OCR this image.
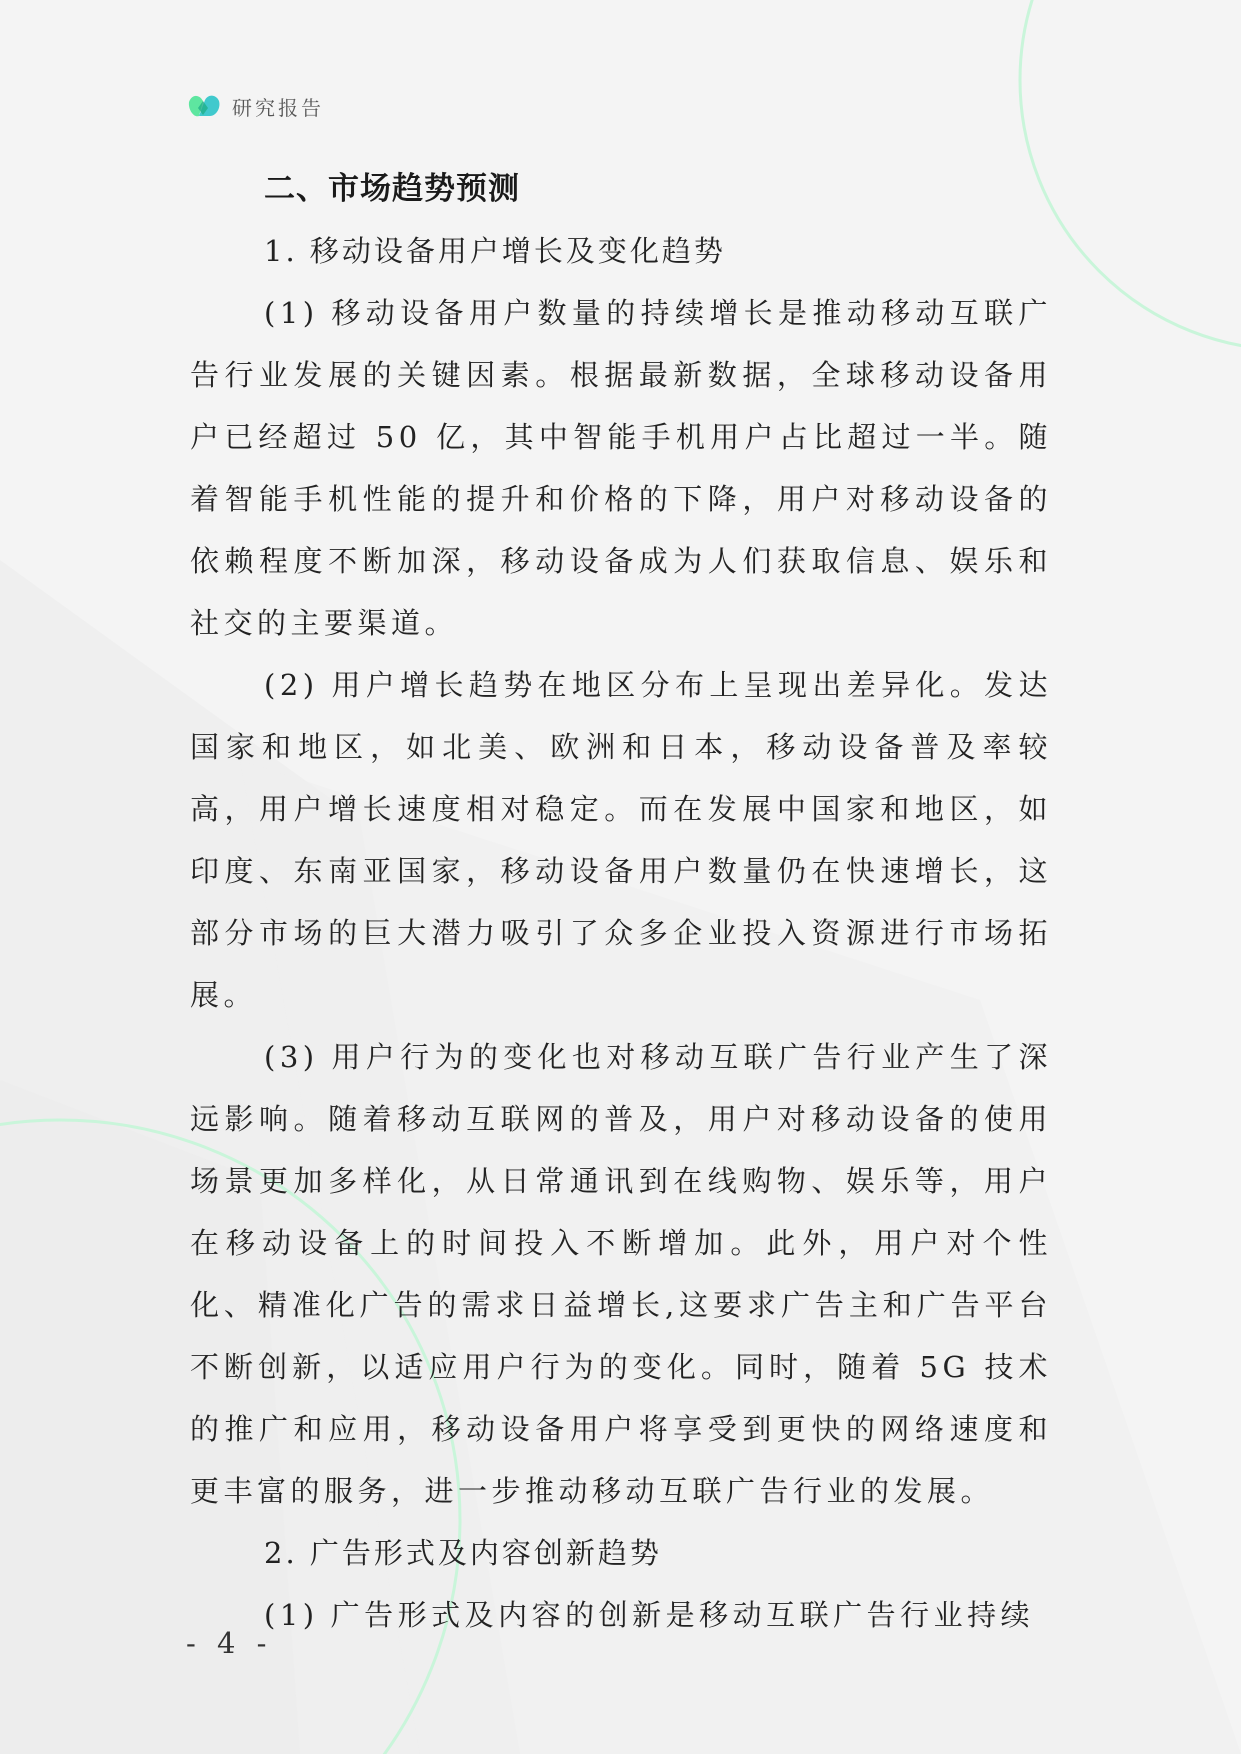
研究报告
二、市场趋势预测
1. 移动设备用户增长及变化趋势

(1) 移动设备用户数量的持续增长是推动移动互联广告行业发展的关键因素。根据最新数据，全球移动设备用户已经超过 50 亿，其中智能手机用户占比超过一半。随着智能手机性能的提升和价格的下降，用户对移动设备的依赖程度不断加深，移动设备成为人们获取信息、娱乐和社交的主要渠道。

(2) 用户增长趋势在地区分布上呈现出差异化。发达国家和地区，如北美、欧洲和日本，移动设备普及率较高，用户增长速度相对稳定。而在发展中国家和地区，如印度、东南亚国家，移动设备用户数量仍在快速增长，这部分市场的巨大潜力吸引了众多企业投入资源进行市场拓展。

(3) 用户行为的变化也对移动互联广告行业产生了深远影响。随着移动互联网的普及，用户对移动设备的使用场景更加多样化，从日常通讯到在线购物、娱乐等，用户在移动设备上的时间投入不断增加。此外，用户对个性化、精准化广告的需求日益增长,这要求广告主和广告平台不断创新，以适应用户行为的变化。同时，随着 5G 技术的推广和应用，移动设备用户将享受到更快的网络速度和更丰富的服务，进一步推动移动互联广告行业的发展。

2. 广告形式及内容创新趋势

(1) 广告形式及内容的创新是移动互联广告行业持续

- 4 -
